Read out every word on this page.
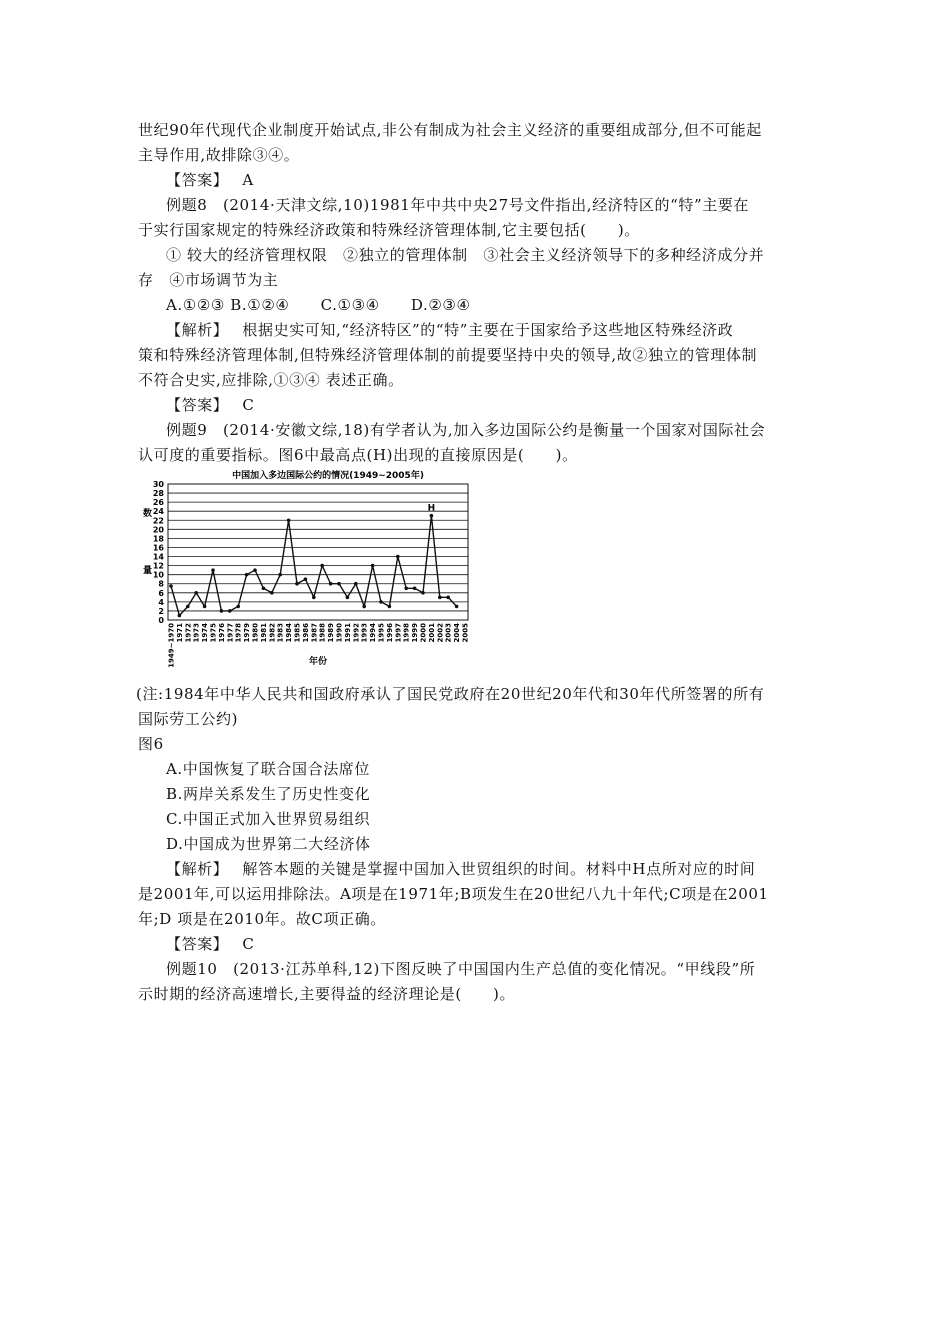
世纪90年代现代企业制度开始试点,非公有制成为社会主义经济的重要组成部分,但不可能起

主导作用,故排除③④。

【答案】 A

例题8　(2014·天津文综,10)1981年中共中央27号文件指出,经济特区的“特”主要在

于实行国家规定的特殊经济政策和特殊经济管理体制,它主要包括(　　)。

① 较大的经济管理权限　②独立的管理体制　③社会主义经济领导下的多种经济成分并

存　④市场调节为主

A.①②③ B.①②④　　C.①③④　　D.②③④

【解析】 根据史实可知,“经济特区”的“特”主要在于国家给予这些地区特殊经济政

策和特殊经济管理体制,但特殊经济管理体制的前提要坚持中央的领导,故②独立的管理体制

不符合史实,应排除,①③④ 表述正确。

【答案】 C

例题9　(2014·安徽文综,18)有学者认为,加入多边国际公约是衡量一个国家对国际社会

认可度的重要指标。图6中最高点(H)出现的直接原因是(　　)。

中国加入多边国际公约的情况(1949~2005年)
0
2
4
6
8
10
12
14
16
18
20
22
24
26
28
30
1949~1970 1971 1972 1973 1974 1975 1976 1977 1978 1979 1980 1981 1982 1983 1984 1985 1986 1987 1988 1989 1990 1991 1992 1993 1994 1995 1996 1997 1998 1999 2000 2001 2002 2003 2004 2005
数
量
H
年份

(注:1984年中华人民共和国政府承认了国民党政府在20世纪20年代和30年代所签署的所有

国际劳工公约)

图6

A.中国恢复了联合国合法席位

B.两岸关系发生了历史性变化

C.中国正式加入世界贸易组织

D.中国成为世界第二大经济体

【解析】 解答本题的关键是掌握中国加入世贸组织的时间。材料中H点所对应的时间

是2001年,可以运用排除法。A项是在1971年;B项发生在20世纪八九十年代;C项是在2001

年;D 项是在2010年。故C项正确。

【答案】 C

例题10　(2013·江苏单科,12)下图反映了中国国内生产总值的变化情况。“甲线段”所

示时期的经济高速增长,主要得益的经济理论是(　　)。
